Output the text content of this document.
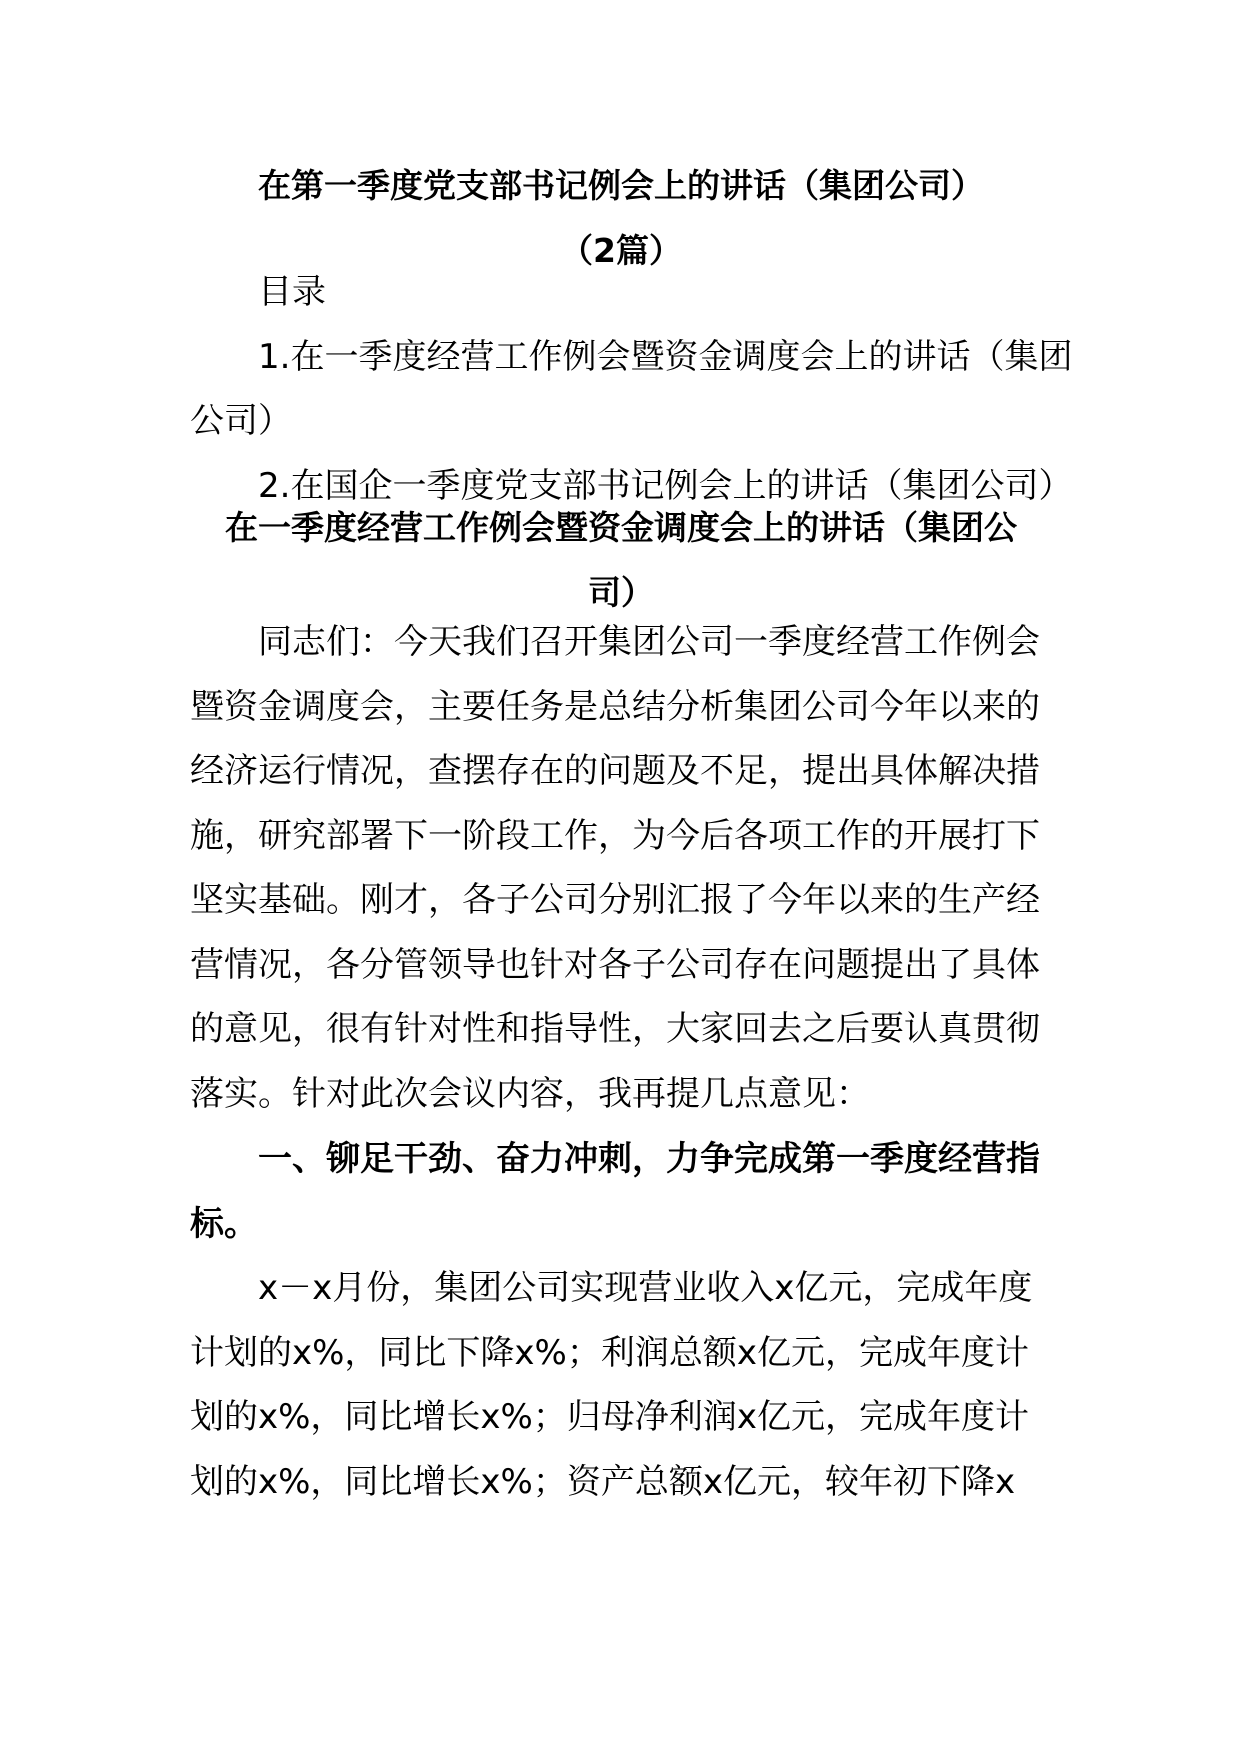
在第一季度党支部书记例会上的讲话（集团公司）
（2篇）
目录
1.在一季度经营工作例会暨资金调度会上的讲话（集团
公司）
2.在国企一季度党支部书记例会上的讲话（集团公司）
在一季度经营工作例会暨资金调度会上的讲话（集团公
司）
同志们：今天我们召开集团公司一季度经营工作例会
暨资金调度会，主要任务是总结分析集团公司今年以来的
经济运行情况，查摆存在的问题及不足，提出具体解决措
施，研究部署下一阶段工作，为今后各项工作的开展打下
坚实基础。刚才，各子公司分别汇报了今年以来的生产经
营情况，各分管领导也针对各子公司存在问题提出了具体
的意见，很有针对性和指导性，大家回去之后要认真贯彻
落实。针对此次会议内容，我再提几点意见：
一、铆足干劲、奋力冲刺，力争完成第一季度经营指
标。
x－x月份，集团公司实现营业收入x亿元，完成年度
计划的x%，同比下降x%；利润总额x亿元，完成年度计
划的x%，同比增长x%；归母净利润x亿元，完成年度计
划的x%，同比增长x%；资产总额x亿元，较年初下降x
